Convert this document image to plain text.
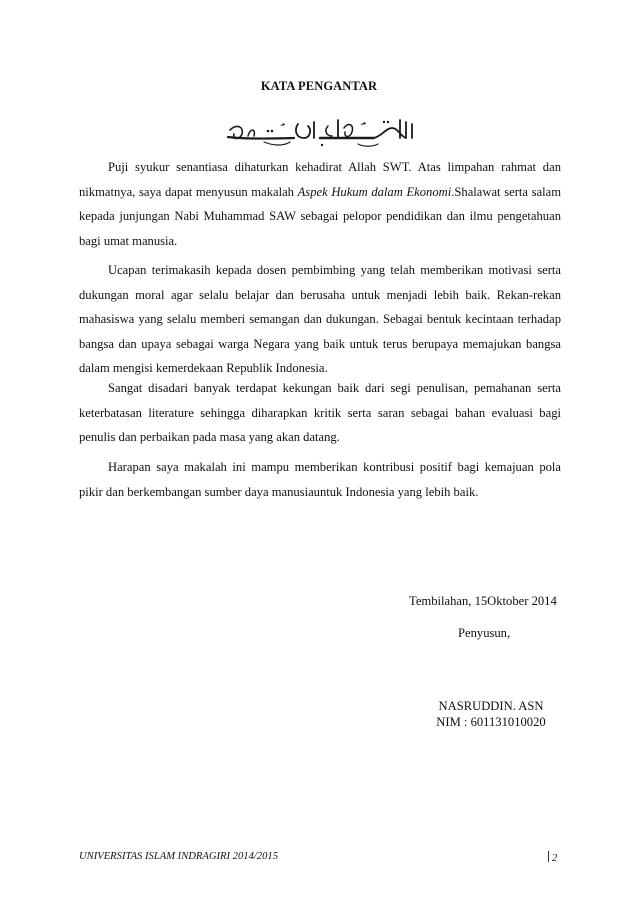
KATA PENGANTAR

Puji syukur senantiasa dihaturkan kehadirat Allah SWT. Atas limpahan rahmat dan nikmatnya, saya dapat menyusun makalah Aspek Hukum dalam Ekonomi.Shalawat serta salam kepada junjungan Nabi Muhammad SAW sebagai pelopor pendidikan dan ilmu pengetahuan bagi umat manusia.

Ucapan terimakasih kepada dosen pembimbing yang telah memberikan motivasi serta dukungan moral agar selalu belajar dan berusaha untuk menjadi lebih baik. Rekan-rekan mahasiswa yang selalu memberi semangan dan dukungan. Sebagai bentuk kecintaan terhadap bangsa dan upaya sebagai warga Negara yang baik untuk terus berupaya memajukan bangsa dalam mengisi kemerdekaan Republik Indonesia.

Sangat disadari banyak terdapat kekungan baik dari segi penulisan, pemahanan serta keterbatasan literature sehingga diharapkan kritik serta saran sebagai bahan evaluasi bagi penulis dan perbaikan pada masa yang akan datang.

Harapan saya makalah ini mampu memberikan kontribusi positif bagi kemajuan pola pikir dan berkembangan sumber daya manusiauntuk Indonesia yang lebih baik.

Tembilahan, 15Oktober 2014
Penyusun,
NASRUDDIN. ASN
NIM : 601131010020
UNIVERSITAS ISLAM INDRAGIRI 2014/2015	2
